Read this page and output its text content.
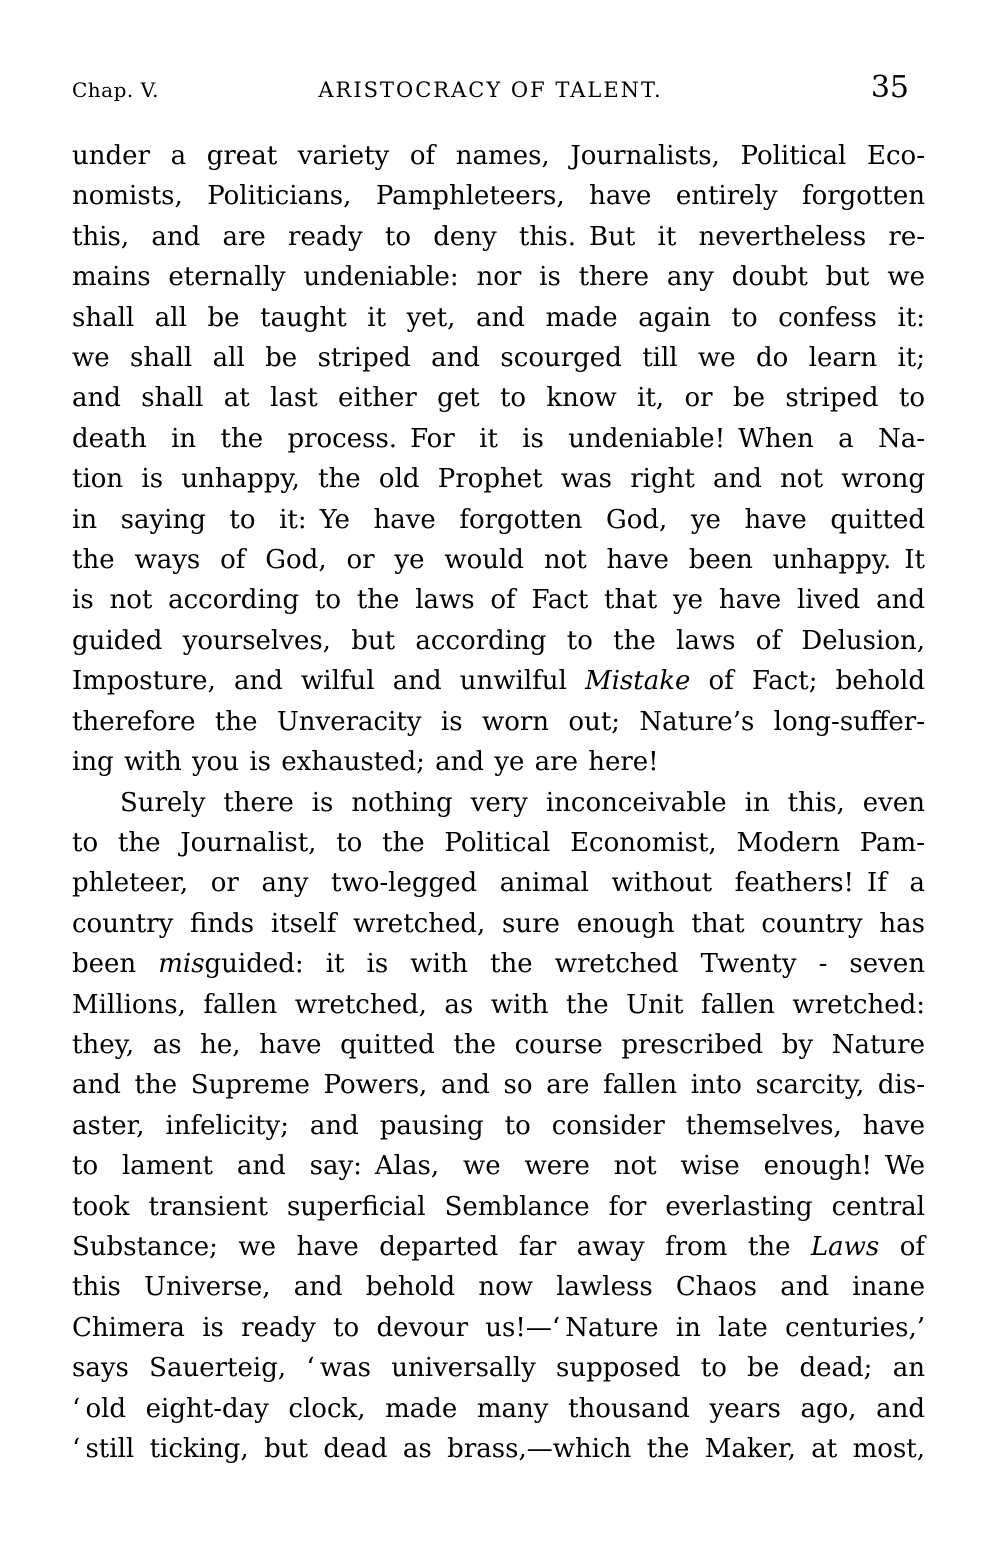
Chap. V.	ARISTOCRACY OF TALENT.	35
under a great variety of names, Journalists, Political Eco-
nomists, Politicians, Pamphleteers, have entirely forgotten
this, and are ready to deny this. But it nevertheless re-
mains eternally undeniable: nor is there any doubt but we
shall all be taught it yet, and made again to confess it:
we shall all be striped and scourged till we do learn it;
and shall at last either get to know it, or be striped to
death in the process. For it is undeniable! When a Na-
tion is unhappy, the old Prophet was right and not wrong
in saying to it: Ye have forgotten God, ye have quitted
the ways of God, or ye would not have been unhappy. It
is not according to the laws of Fact that ye have lived and
guided yourselves, but according to the laws of Delusion,
Imposture, and wilful and unwilful Mistake of Fact; behold
therefore the Unveracity is worn out; Nature’s long-suffer-
ing with you is exhausted; and ye are here!
Surely there is nothing very inconceivable in this, even
to the Journalist, to the Political Economist, Modern Pam-
phleteer, or any two-legged animal without feathers! If a
country finds itself wretched, sure enough that country has
been misguided: it is with the wretched Twenty - seven
Millions, fallen wretched, as with the Unit fallen wretched:
they, as he, have quitted the course prescribed by Nature
and the Supreme Powers, and so are fallen into scarcity, dis-
aster, infelicity; and pausing to consider themselves, have
to lament and say: Alas, we were not wise enough! We
took transient superficial Semblance for everlasting central
Substance; we have departed far away from the Laws of
this Universe, and behold now lawless Chaos and inane
Chimera is ready to devour us!—‘ Nature in late centuries,’
says Sauerteig, ‘ was universally supposed to be dead; an
‘ old eight-day clock, made many thousand years ago, and
‘ still ticking, but dead as brass,—which the Maker, at most,
